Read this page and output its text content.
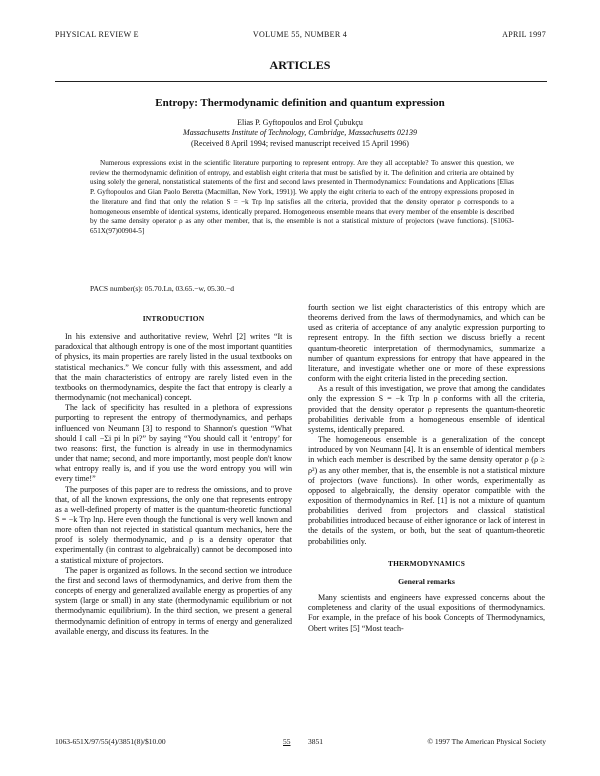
PHYSICAL REVIEW E	VOLUME 55, NUMBER 4	APRIL 1997
ARTICLES
Entropy: Thermodynamic definition and quantum expression
Elias P. Gyftopoulos and Erol Çubukçu
Massachusetts Institute of Technology, Cambridge, Massachusetts 02139
(Received 8 April 1994; revised manuscript received 15 April 1996)

Numerous expressions exist in the scientific literature purporting to represent entropy. Are they all acceptable? To answer this question, we review the thermodynamic definition of entropy, and establish eight criteria that must be satisfied by it. The definition and criteria are obtained by using solely the general, nonstatistical statements of the first and second laws presented in Thermodynamics: Foundations and Applications [Elias P. Gyftopoulos and Gian Paolo Beretta (Macmillan, New York, 1991)]. We apply the eight criteria to each of the entropy expressions proposed in the literature and find that only the relation S = −k Trρ lnρ satisfies all the criteria, provided that the density operator ρ corresponds to a homogeneous ensemble of identical systems, identically prepared. Homogeneous ensemble means that every member of the ensemble is described by the same density operator ρ as any other member, that is, the ensemble is not a statistical mixture of projectors (wave functions). [S1063-651X(97)00904-5]

PACS number(s): 05.70.Ln, 03.65.−w, 05.30.−d
INTRODUCTION

In his extensive and authoritative review, Wehrl [2] writes “It is paradoxical that although entropy is one of the most important quantities of physics, its main properties are rarely listed in the usual textbooks on statistical mechanics.” We concur fully with this assessment, and add that the main characteristics of entropy are rarely listed even in the textbooks on thermodynamics, despite the fact that entropy is clearly a thermodynamic (not mechanical) concept.

The lack of specificity has resulted in a plethora of expressions purporting to represent the entropy of thermodynamics, and perhaps influenced von Neumann [3] to respond to Shannon's question “What should I call −Σi pi ln pi?” by saying “You should call it ‘entropy’ for two reasons: first, the function is already in use in thermodynamics under that name; second, and more importantly, most people don't know what entropy really is, and if you use the word entropy you will win every time!”

The purposes of this paper are to redress the omissions, and to prove that, of all the known expressions, the only one that represents entropy as a well-defined property of matter is the quantum-theoretic functional S = −k Trρ lnρ. Here even though the functional is very well known and more often than not rejected in statistical quantum mechanics, here the proof is solely thermodynamic, and ρ is a density operator that experimentally (in contrast to algebraically) cannot be decomposed into a statistical mixture of projectors.

The paper is organized as follows. In the second section we introduce the first and second laws of thermodynamics, and derive from them the concepts of energy and generalized available energy as properties of any system (large or small) in any state (thermodynamic equilibrium or not thermodynamic equilibrium). In the third section, we present a general thermodynamic definition of entropy in terms of energy and generalized available energy, and discuss its features. In the

fourth section we list eight characteristics of this entropy which are theorems derived from the laws of thermodynamics, and which can be used as criteria of acceptance of any analytic expression purporting to represent entropy. In the fifth section we discuss briefly a recent quantum-theoretic interpretation of thermodynamics, summarize a number of quantum expressions for entropy that have appeared in the literature, and investigate whether one or more of these expressions conform with the eight criteria listed in the preceding section.

As a result of this investigation, we prove that among the candidates only the expression S = −k Trρ ln ρ conforms with all the criteria, provided that the density operator ρ represents the quantum-theoretic probabilities derivable from a homogeneous ensemble of identical systems, identically prepared.

The homogeneous ensemble is a generalization of the concept introduced by von Neumann [4]. It is an ensemble of identical members in which each member is described by the same density operator ρ (ρ ≥ ρ²) as any other member, that is, the ensemble is not a statistical mixture of projectors (wave functions). In other words, experimentally as opposed to algebraically, the density operator compatible with the exposition of thermodynamics in Ref. [1] is not a mixture of quantum probabilities derived from projectors and classical statistical probabilities introduced because of either ignorance or lack of interest in the details of the system, or both, but the seat of quantum-theoretic probabilities only.

THERMODYNAMICS
General remarks

Many scientists and engineers have expressed concerns about the completeness and clarity of the usual expositions of thermodynamics. For example, in the preface of his book Concepts of Thermodynamics, Obert writes [5] “Most teach-

1063-651X/97/55(4)/3851(8)/$10.00	55 3851	© 1997 The American Physical Society
